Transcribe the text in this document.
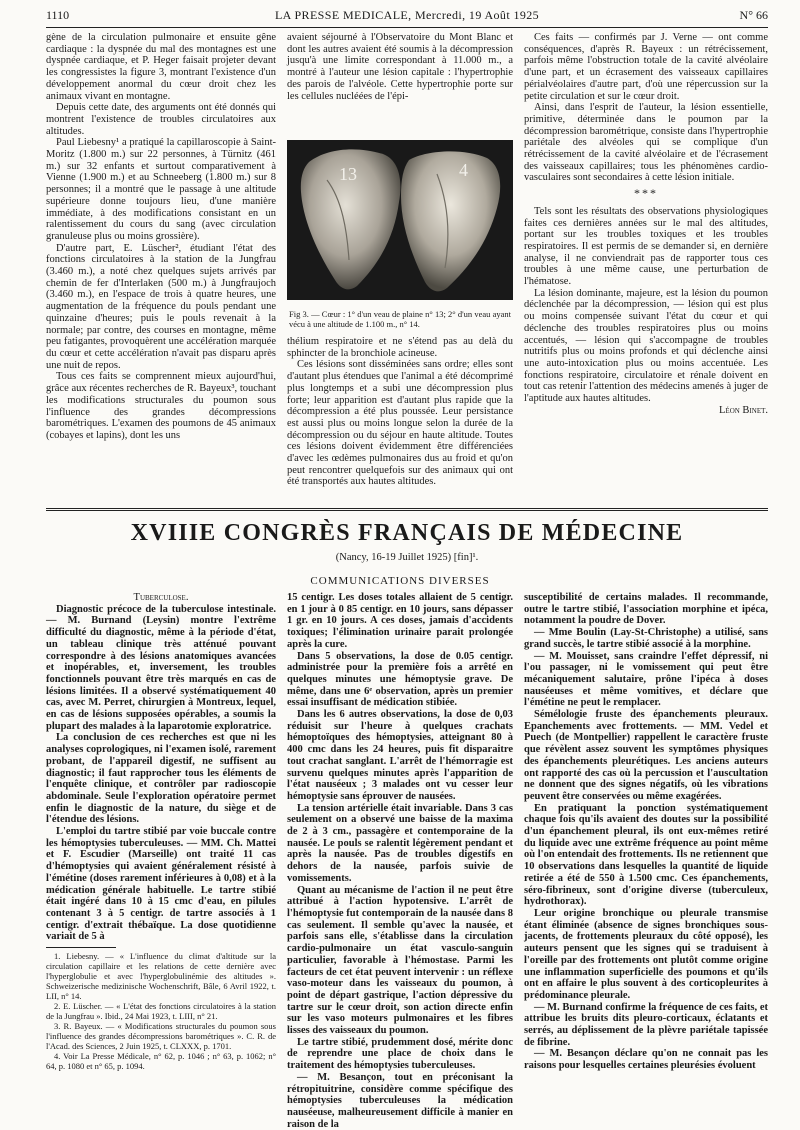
1110	LA PRESSE MEDICALE, Mercredi, 19 Août 1925	N° 66

gène de la circulation pulmonaire et ensuite gêne cardiaque : la dyspnée du mal des montagnes est une dyspnée cardiaque, et P. Heger faisait projeter devant les congressistes la figure 3, montrant l'existence d'un développement anormal du cœur droit chez les animaux vivant en montagne.

Depuis cette date, des arguments ont été donnés qui montrent l'existence de troubles circulatoires aux altitudes.

Paul Liebesny¹ a pratiqué la capillaroscopie à Saint-Moritz (1.800 m.) sur 22 personnes, à Türnitz (461 m.) sur 32 enfants et surtout comparativement à Vienne (1.900 m.) et au Schneeberg (1.800 m.) sur 8 personnes; il a montré que le passage à une altitude supérieure donne toujours lieu, d'une manière immédiate, à des modifications consistant en un ralentissement du cours du sang (avec circulation granuleuse plus ou moins grossière).

D'autre part, E. Lüscher², étudiant l'état des fonctions circulatoires à la station de la Jungfrau (3.460 m.), a noté chez quelques sujets arrivés par chemin de fer d'Interlaken (500 m.) à Jungfraujoch (3.460 m.), en l'espace de trois à quatre heures, une augmentation de la fréquence du pouls pendant une quinzaine d'heures; puis le pouls revenait à la normale; par contre, des courses en montagne, même peu fatigantes, provoquèrent une accélération marquée du cœur et cette accélération n'avait pas disparu après une nuit de repos.

Tous ces faits se comprennent mieux aujourd'hui, grâce aux récentes recherches de R. Bayeux³, touchant les modifications structurales du poumon sous l'influence des grandes décompressions barométriques. L'examen des poumons de 45 animaux (cobayes et lapins), dont les uns

avaient séjourné à l'Observatoire du Mont Blanc et dont les autres avaient été soumis à la décompression jusqu'à une limite correspondant à 11.000 m., a montré à l'auteur une lésion capitale : l'hypertrophie des parois de l'alvéole. Cette hypertrophie porte sur les cellules nucléées de l'épi-

13	4
Fig 3. — Cœur : 1° d'un veau de plaine n° 13; 2° d'un veau ayant vécu à une altitude de 1.100 m., n° 14.

thélium respiratoire et ne s'étend pas au delà du sphincter de la bronchiole acineuse.

Ces lésions sont disséminées sans ordre; elles sont d'autant plus étendues que l'animal a été décomprimé plus longtemps et a subi une décompression plus forte; leur apparition est d'autant plus rapide que la décompression a été plus poussée. Leur persistance est aussi plus ou moins longue selon la durée de la décompression ou du séjour en haute altitude. Toutes ces lésions doivent évidemment être différenciées d'avec les œdèmes pulmonaires dus au froid et qu'on peut rencontrer quelquefois sur des animaux qui ont été transportés aux hautes altitudes.

Ces faits — confirmés par J. Verne — ont comme conséquences, d'après R. Bayeux : un rétrécissement, parfois même l'obstruction totale de la cavité alvéolaire d'une part, et un écrasement des vaisseaux capillaires périalvéolaires d'autre part, d'où une répercussion sur la petite circulation et sur le cœur droit.

Ainsi, dans l'esprit de l'auteur, la lésion essentielle, primitive, déterminée dans le poumon par la décompression barométrique, consiste dans l'hypertrophie pariétale des alvéoles qui se complique d'un rétrécissement de la cavité alvéolaire et de l'écrasement des vaisseaux capillaires; tous les phénomènes cardio-vasculaires sont secondaires à cette lésion initiale.

***

Tels sont les résultats des observations physiologiques faites ces dernières années sur le mal des altitudes, portant sur les troubles toxiques et les troubles respiratoires. Il est permis de se demander si, en dernière analyse, il ne conviendrait pas de rapporter tous ces troubles à une même cause, une perturbation de l'hématose.

La lésion dominante, majeure, est la lésion du poumon déclenchée par la décompression, — lésion qui est plus ou moins compensée suivant l'état du cœur et qui déclenche des troubles respiratoires plus ou moins accentués, — lésion qui s'accompagne de troubles nutritifs plus ou moins profonds et qui déclenche ainsi une auto-intoxication plus ou moins accentuée. Les fonctions respiratoire, circulatoire et rénale doivent en tout cas retenir l'attention des médecins amenés à juger de l'aptitude aux hautes altitudes.

Léon Binet.
XVIIIE CONGRÈS FRANÇAIS DE MÉDECINE
(Nancy, 16-19 Juillet 1925) [fin]¹.
COMMUNICATIONS DIVERSES

Tuberculose.

Diagnostic précoce de la tuberculose intestinale. — M. Burnand (Leysin) montre l'extrême difficulté du diagnostic, même à la période d'état, un tableau clinique très atténué pouvant correspondre à des lésions anatomiques avancées et inopérables, et, inversement, les troubles fonctionnels pouvant être très marqués en cas de lésions limitées. Il a observé systématiquement 40 cas, avec M. Perret, chirurgien à Montreux, lequel, en cas de lésions supposées opérables, a soumis la plupart des malades à la laparotomie exploratrice.

La conclusion de ces recherches est que ni les analyses coprologiques, ni l'examen isolé, rarement probant, de l'appareil digestif, ne suffisent au diagnostic; il faut rapprocher tous les éléments de l'enquête clinique, et contrôler par radioscopie abdominale. Seule l'exploration opératoire permet enfin le diagnostic de la nature, du siège et de l'étendue des lésions.

L'emploi du tartre stibié par voie buccale contre les hémoptysies tuberculeuses. — MM. Ch. Mattei et F. Escudier (Marseille) ont traité 11 cas d'hémoptysies qui avaient généralement résisté à l'émétine (doses rarement inférieures à 0,08) et à la médication générale habituelle. Le tartre stibié était ingéré dans 10 à 15 cmc d'eau, en pilules contenant 3 à 5 centigr. de tartre associés à 1 centigr. d'extrait thébaïque. La dose quotidienne variait de 5 à

1. Liebesny. — « L'influence du climat d'altitude sur la circulation capillaire et les relations de cette dernière avec l'hyperglobulie et avec l'hyperglobulinémie des altitudes ». Schweizerische medizinische Wochenschrift, Bâle, 6 Avril 1922, t. LII, n° 14.

2. E. Lüscher. — « L'état des fonctions circulatoires à la station de la Jungfrau ». Ibid., 24 Mai 1923, t. LIII, n° 21.

3. R. Bayeux. — « Modifications structurales du poumon sous l'influence des grandes décompressions barométriques ». C. R. de l'Acad. des Sciences, 2 Juin 1925, t. CLXXX, p. 1701.

4. Voir La Presse Médicale, n° 62, p. 1046 ; n° 63, p. 1062; n° 64, p. 1080 et n° 65, p. 1094.

15 centigr. Les doses totales allaient de 5 centigr. en 1 jour à 0 85 centigr. en 10 jours, sans dépasser 1 gr. en 10 jours. A ces doses, jamais d'accidents toxiques; l'élimination urinaire parait prolongée après la cure.

Dans 5 observations, la dose de 0.05 centigr. administrée pour la première fois a arrêté en quelques minutes une hémoptysie grave. De même, dans une 6ᵉ observation, après un premier essai insuffisant de médication stibiée.

Dans les 6 autres observations, la dose de 0,03 réduisit sur l'heure à quelques crachats hémoptoïques des hémoptysies, atteignant 80 à 400 cmc dans les 24 heures, puis fit disparaitre tout crachat sanglant. L'arrêt de l'hémorragie est survenu quelques minutes après l'apparition de l'état nauséeux ; 3 malades ont vu cesser leur hémoptysie sans éprouver de nausées.

La tension artérielle était invariable. Dans 3 cas seulement on a observé une baisse de la maxima de 2 à 3 cm., passagère et contemporaine de la nausée. Le pouls se ralentit légèrement pendant et après la nausée. Pas de troubles digestifs en dehors de la nausée, parfois suivie de vomissements.

Quant au mécanisme de l'action il ne peut être attribué à l'action hypotensive. L'arrêt de l'hémoptysie fut contemporain de la nausée dans 8 cas seulement. Il semble qu'avec la nausée, et parfois sans elle, s'établisse dans la circulation cardio-pulmonaire un état vasculo-sanguin particulier, favorable à l'hémostase. Parmi les facteurs de cet état peuvent intervenir : un réflexe vaso-moteur dans les vaisseaux du poumon, à point de départ gastrique, l'action dépressive du tartre sur le cœur droit, son action directe enfin sur les vaso moteurs pulmonaires et les fibres lisses des vaisseaux du poumon.

Le tartre stibié, prudemment dosé, mérite donc de reprendre une place de choix dans le traitement des hémoptysies tuberculeuses.

— M. Besançon, tout en préconisant la rétropituitrine, considère comme spécifique des hémoptysies tuberculeuses la médication nauséeuse, malheureusement difficile à manier en raison de la

susceptibilité de certains malades. Il recommande, outre le tartre stibié, l'association morphine et ipéca, notamment la poudre de Dover.

— Mme Boulin (Lay-St-Christophe) a utilisé, sans grand succès, le tartre stibié associé à la morphine.

— M. Mouisset, sans craindre l'effet dépressif, ni l'ou passager, ni le vomissement qui peut être mécaniquement salutaire, prône l'ipéca à doses nauséeuses et même vomitives, et déclare que l'émétine ne peut le remplacer.

Sémélologie fruste des épanchements pleuraux. Epanchements avec frottements. — MM. Vedel et Puech (de Montpellier) rappellent le caractère fruste que révèlent assez souvent les symptômes physiques des épanchements pleurétiques. Les anciens auteurs ont rapporté des cas où la percussion et l'auscultation ne donnent que des signes négatifs, où les vibrations peuvent être conservées ou même exagérées.

En pratiquant la ponction systématiquement chaque fois qu'ils avaient des doutes sur la possibilité d'un épanchement pleural, ils ont eux-mêmes retiré du liquide avec une extrême fréquence au point même où l'on entendait des frottements. Ils ne retiennent que 10 observations dans lesquelles la quantité de liquide retirée a été de 550 à 1.500 cmc. Ces épanchements, séro-fibrineux, sont d'origine diverse (tuberculeux, hydrothorax).

Leur origine bronchique ou pleurale transmise étant éliminée (absence de signes bronchiques sous-jacents, de frottements pleuraux du côté opposé), les auteurs pensent que les signes qui se traduisent à l'oreille par des frottements ont plutôt comme origine une inflammation superficielle des poumons et qu'ils ont en affaire le plus souvent à des corticopleurites à prédominance pleurale.

— M. Burnand confirme la fréquence de ces faits, et attribue les bruits dits pleuro-corticaux, éclatants et serrés, au déplissement de la plèvre pariétale tapissée de fibrine.

— M. Besançon déclare qu'on ne connait pas les raisons pour lesquelles certaines pleurésies évoluent
